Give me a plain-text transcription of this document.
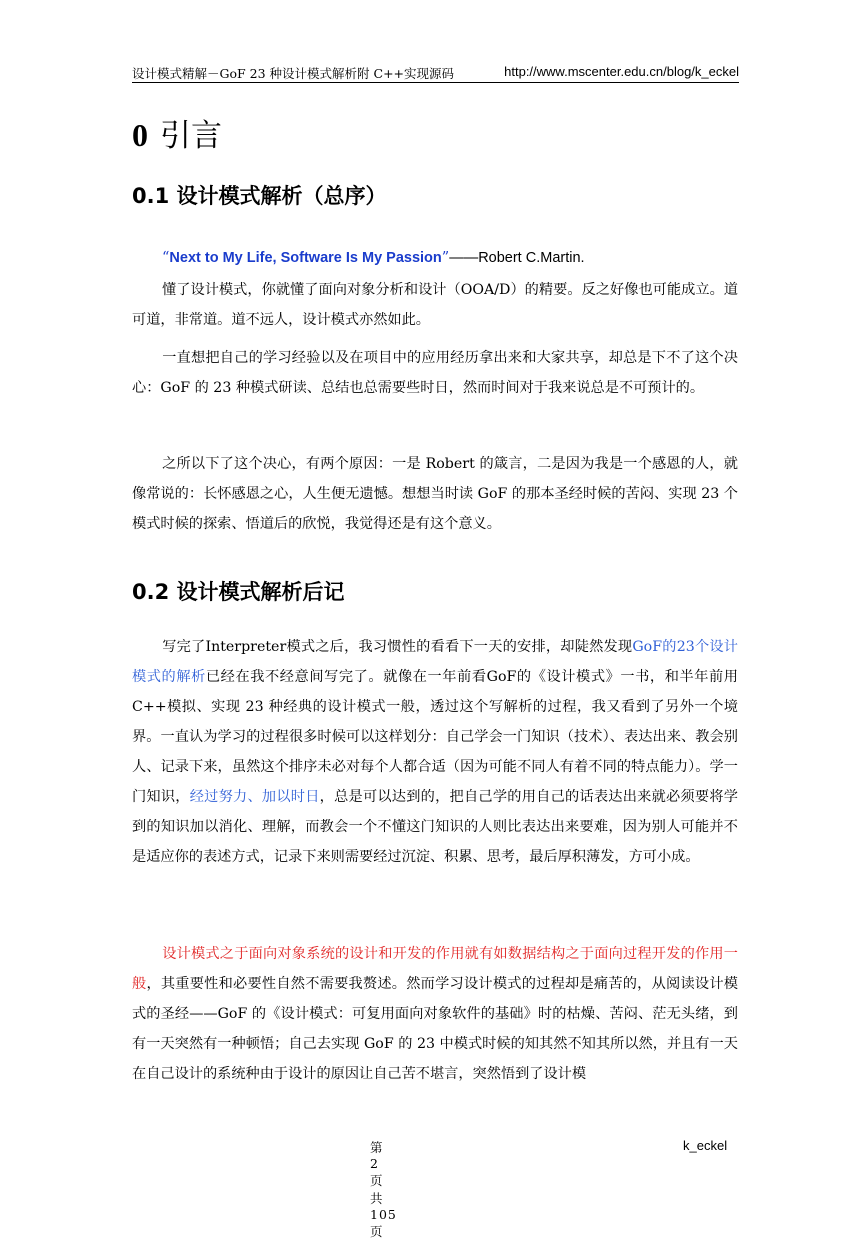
设计模式精解－GoF 23 种设计模式解析附 C++实现源码	http://www.mscenter.edu.cn/blog/k_eckel
0 引言
0.1 设计模式解析（总序）
“Next to My Life, Software Is My Passion”——Robert C.Martin.
懂了设计模式，你就懂了面向对象分析和设计（OOA/D）的精要。反之好像也可能成立。道可道，非常道。道不远人，设计模式亦然如此。
一直想把自己的学习经验以及在项目中的应用经历拿出来和大家共享，却总是下不了这个决心：GoF 的 23 种模式研读、总结也总需要些时日，然而时间对于我来说总是不可预计的。
之所以下了这个决心，有两个原因：一是 Robert 的箴言，二是因为我是一个感恩的人，就像常说的：长怀感恩之心，人生便无遗憾。想想当时读 GoF 的那本圣经时候的苦闷、实现 23 个模式时候的探索、悟道后的欣悦，我觉得还是有这个意义。
0.2 设计模式解析后记
写完了Interpreter模式之后，我习惯性的看看下一天的安排，却陡然发现GoF的23个设计模式的解析已经在我不经意间写完了。就像在一年前看GoF的《设计模式》一书，和半年前用C++模拟、实现 23 种经典的设计模式一般，透过这个写解析的过程，我又看到了另外一个境界。一直认为学习的过程很多时候可以这样划分：自己学会一门知识（技术）、表达出来、教会别人、记录下来，虽然这个排序未必对每个人都合适（因为可能不同人有着不同的特点能力）。学一门知识，经过努力、加以时日，总是可以达到的，把自己学的用自己的话表达出来就必须要将学到的知识加以消化、理解，而教会一个不懂这门知识的人则比表达出来要难，因为别人可能并不是适应你的表述方式，记录下来则需要经过沉淀、积累、思考，最后厚积薄发，方可小成。
设计模式之于面向对象系统的设计和开发的作用就有如数据结构之于面向过程开发的作用一般，其重要性和必要性自然不需要我赘述。然而学习设计模式的过程却是痛苦的，从阅读设计模式的圣经——GoF 的《设计模式：可复用面向对象软件的基础》时的枯燥、苦闷、茫无头绪，到有一天突然有一种顿悟；自己去实现 GoF 的 23 中模式时候的知其然不知其所以然，并且有一天在自己设计的系统种由于设计的原因让自己苦不堪言，突然悟到了设计模
第 2 页 共 105 页
k_eckel
